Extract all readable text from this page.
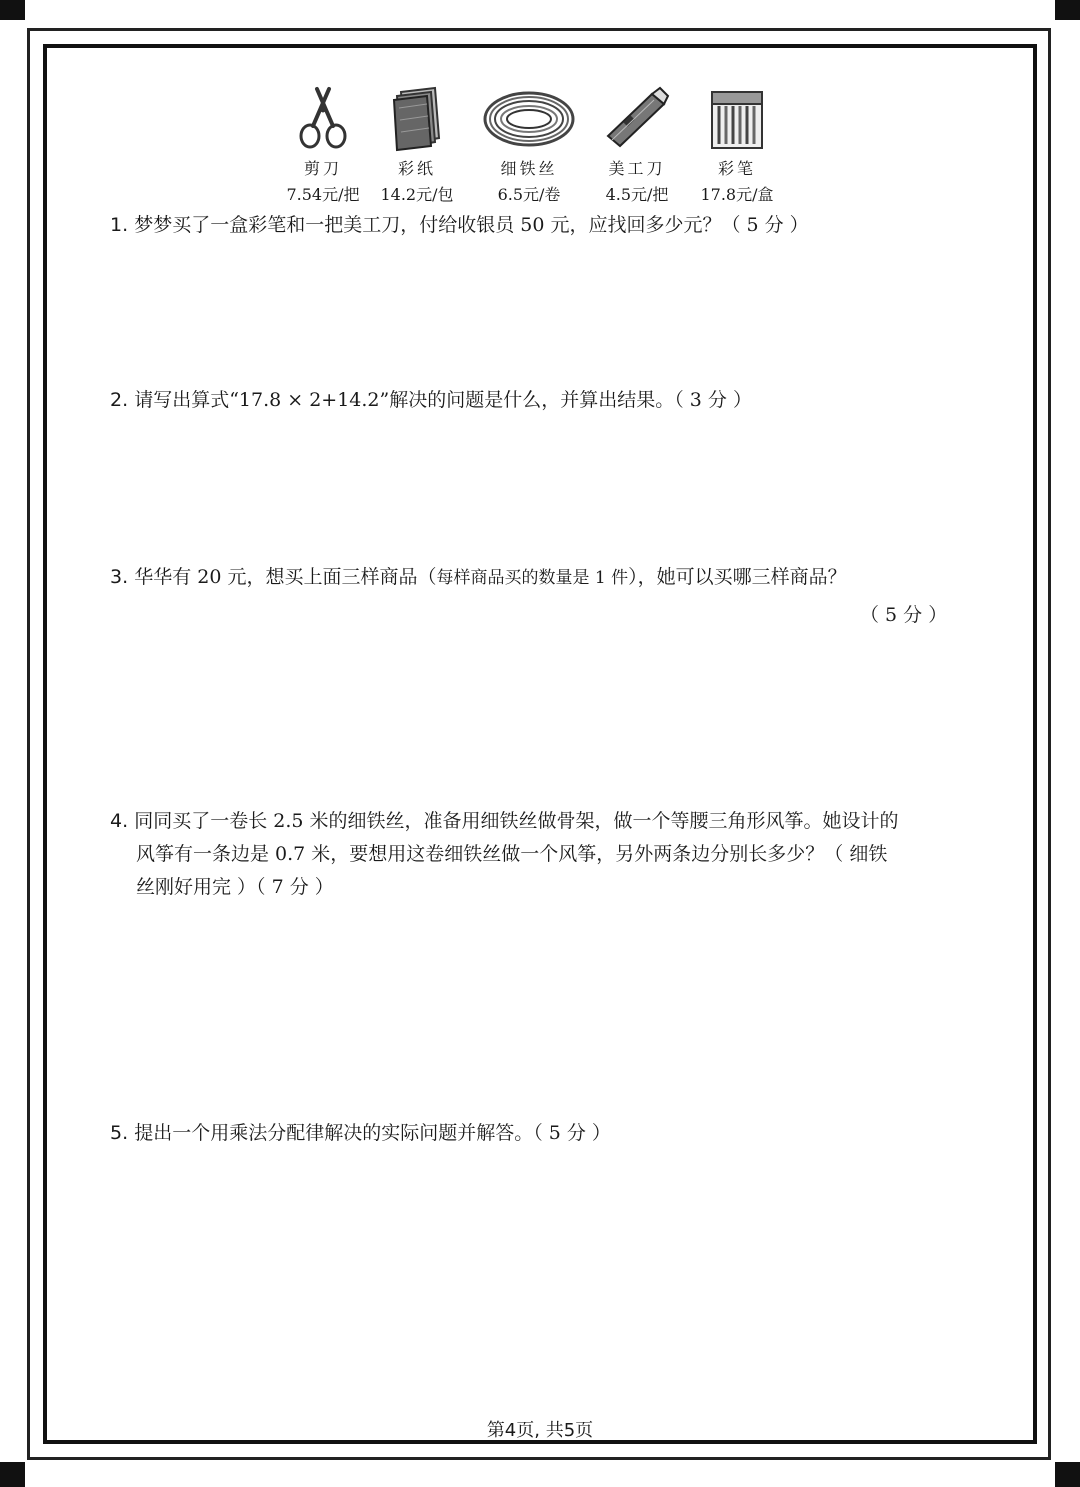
剪刀
7.54元/把
彩纸
14.2元/包
细铁丝
6.5元/卷
美工刀
4.5元/把
彩笔
17.8元/盒
1. 梦梦买了一盒彩笔和一把美工刀，付给收银员 50 元，应找回多少元？（ 5 分 ）
2. 请写出算式“17.8 × 2+14.2”解决的问题是什么，并算出结果。（ 3 分 ）
3. 华华有 20 元，想买上面三样商品（每样商品买的数量是 1 件），她可以买哪三样商品？
（ 5 分 ）
4. 同同买了一卷长 2.5 米的细铁丝，准备用细铁丝做骨架，做一个等腰三角形风筝。她设计的
风筝有一条边是 0.7 米，要想用这卷细铁丝做一个风筝，另外两条边分别长多少？（ 细铁
丝刚好用完 ）（ 7 分 ）
5. 提出一个用乘法分配律解决的实际问题并解答。（ 5 分 ）
第4页, 共5页
